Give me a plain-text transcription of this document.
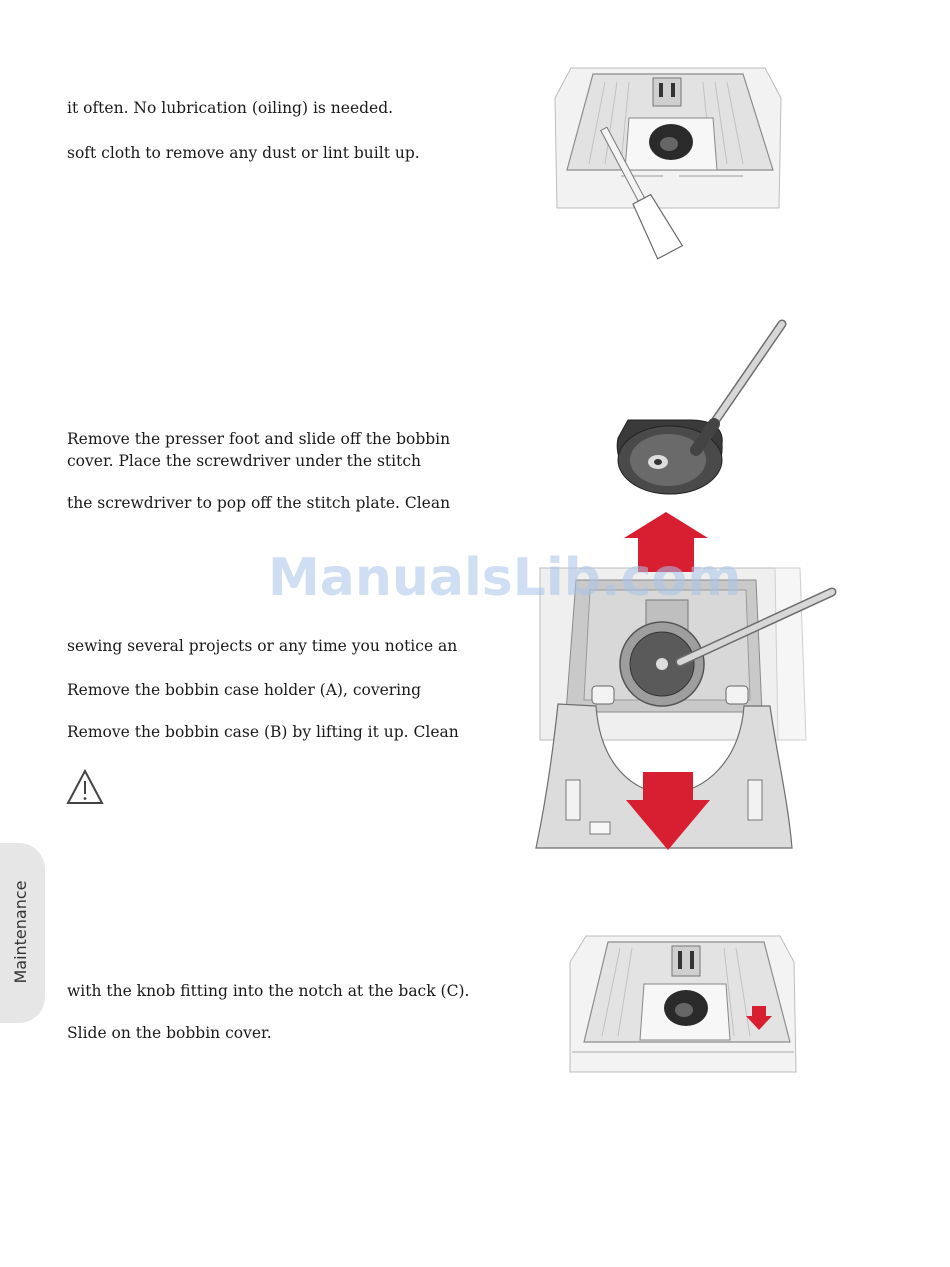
it often. No lubrication (oiling) is needed.
soft cloth to remove any dust or lint built up.
Remove the presser foot and slide off the bobbin
cover. Place the screwdriver under the stitch
the screwdriver to pop off the stitch plate. Clean
sewing several projects or any time you notice an
Remove the bobbin case holder (A), covering
Remove the bobbin case (B) by lifting it up. Clean
with the knob fitting into the notch at the back (C).
Slide on the bobbin cover.
Maintenance
ManualsLib.com
